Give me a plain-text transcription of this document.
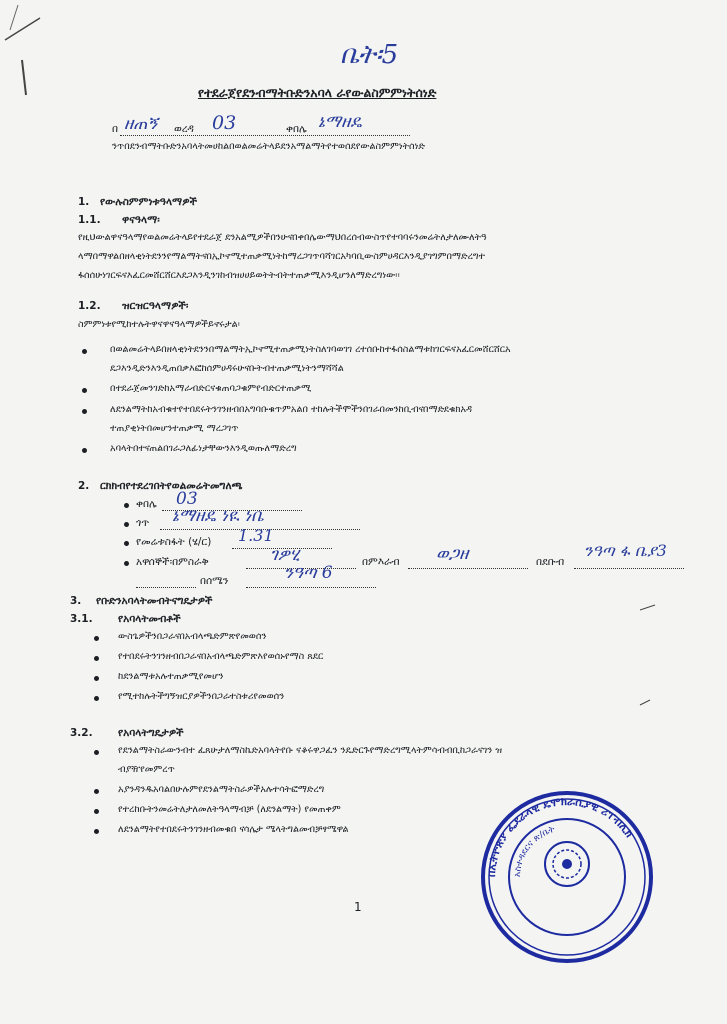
ቤት፡5
የተደራጀየደንብማትቡድንአባላ ራየውልስምምነትሰነድ
በ ዘጠኝ ወረዳ 03	ቀበሌ ኔማዘዴ
ንጥበደንብማትቡድንአባላትመሀከልበወልመሬትላይደንአማልማትየተወሰደየውልስምምነትሰነድ
1. የውሉስምምነቱዓላማዎች
1.1. ዋናዓላማ፡
የዚህውልዋናዓላማየወልመሬትላይየተደራጀ ደንአልሚዎችበንሁናበቀበሌውማህበረሰብውስጥየተባባሩንመሬትለታለሙለትዓ
ላማበማዋልበዘላቂነትደንንየማልማትናበኢኮኖሚተጠቃሚነትከማረጋገጥባሻገርአካባቢውስምሀዳርእንዲያገግምበማድረግተ
ፋሰሰሁነገርፍናእፈርመሸርሸርእደጋእንዲንገከብዝሀሀይወትትብትተጠቃሚእንዲሆንለማድረግነው፡፡
1.2. ዝርዝርዓላማዎች፡
ስምምነቱየሚከተሉትዋናዋናዓላማዎችይኖሩታል፡
በወልመሬትላይበዘላቂነትደንንበማልማትኢኮኖሚተጠቃሚነትስለገባወገገ ረተሰቡከተፋሰስልማቱከገርፍናአፈርመሸርሸርአ
ደጋእንዲድንእንዲጠበቃእፎከሰምሀዳሩሁናቡትብተጠቃሚነትንማሻሻል
በተደራጀመንገድከአማራብድርናቁጠባጋቁምየብድርተጠቃሚ
ለደንልማትከአብቁተየተበደሩትንገንዘብበአግባቡቁጥምአልበ ተከሉትችሞችንበገራበመንከቢብናበማድደቁክአዳ
ተጠያቂነትበመሆንተጠቃሚ ማረጋገጥ
አባላትበተናጠልበገራጋለፊነታቸውንእንዲወጡለማድረግ
2. ርክክብየተደረገበትየወልመሬትመግለጫ
ቀበሌ 03
ጎጥ ኔማዘዴ ነዪ ነቤ
የመሬቱስፋት (ሄ/ር) 1.31
አዋሰኞች፡በምስራቅ	ገዎሂ	በምእራብ ወጋዘ	በደቡብ
ንዓጣ ፋ ቤያ3
በሰሜን	ንዓጣ 6
3. የቡድንአባላትመብትናግዴታዎች
3.1. የአባላትመብቶች
ውስጌዎችንበጋራናበአብላጫድምጽየመወሰን
የተበደሩትንገንዘብበጋራናበአብላጫድምጽእየወሰኑየማስ ጸደር
ከደንልማቱአሉተጠቃሚየመሆን
የሚተከሉትችግኝዝርያዎችንበጋራተስቱሪየመወሰን
3.2. የአባላትግዴታዎች
የደንልማትስራውንብተ ፈጸሁታለማስኬድአባላትየቡ ናቆሩዋጋፈን ንዴድርጉየማድረግሚላትምሳብብቢከጋራናገን ዝ
ብያዥየመምረጥ
አያንዳንዱአባልበሁሉምየደንልማትስራዎችአሉተሳትፎማድረግ
የተረከቡትንመሬትለታለመለትዓላማብቻ (ለደንልማት) የመጠቀም
ለደንልማትየተበደሩትንገንዘብመቁበ ናሳሌታ ሜላትግልመብቻፃሜዋል
1
በኢትዮጵያ ፌደራላዊ ዴሞክራሲያዊ ሪፐብሊክ
አስተዳደርና ጽ/ቤት
